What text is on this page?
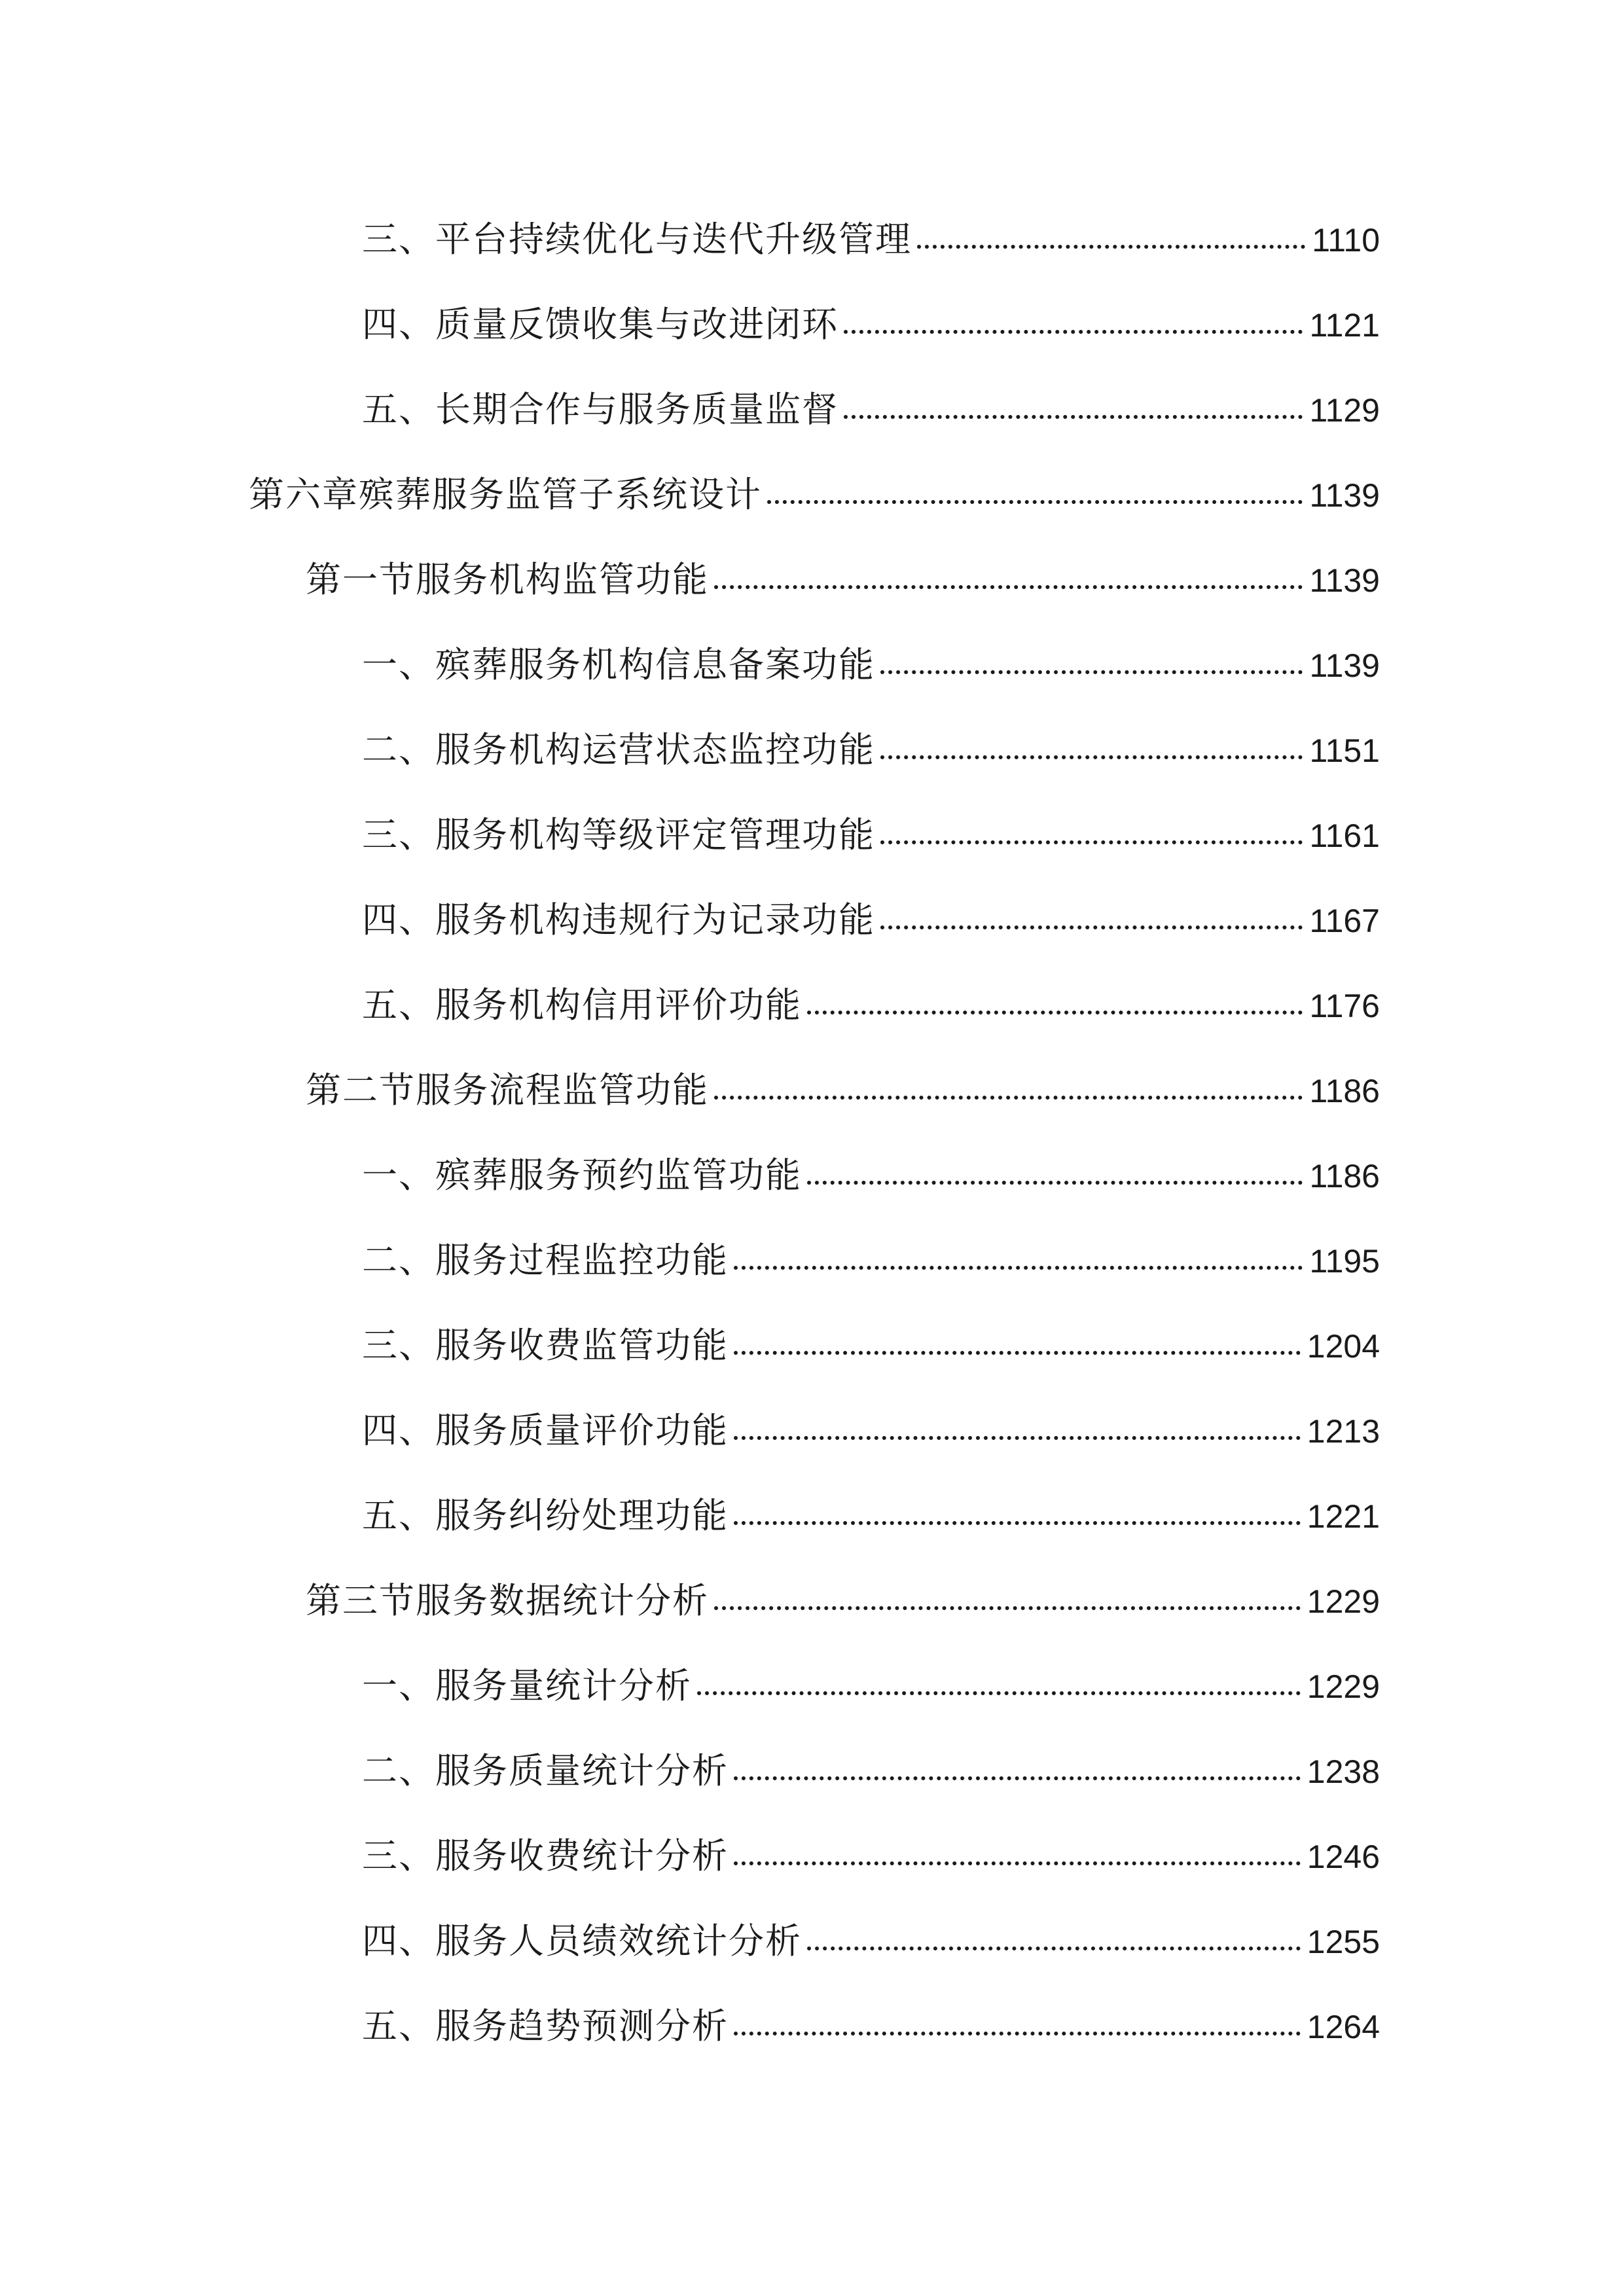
三、平台持续优化与迭代升级管理	1110
四、质量反馈收集与改进闭环	1121
五、长期合作与服务质量监督	1129
第六章殡葬服务监管子系统设计	1139
第一节服务机构监管功能	1139
一、殡葬服务机构信息备案功能	1139
二、服务机构运营状态监控功能	1151
三、服务机构等级评定管理功能	1161
四、服务机构违规行为记录功能	1167
五、服务机构信用评价功能	1176
第二节服务流程监管功能	1186
一、殡葬服务预约监管功能	1186
二、服务过程监控功能	1195
三、服务收费监管功能	1204
四、服务质量评价功能	1213
五、服务纠纷处理功能	1221
第三节服务数据统计分析	1229
一、服务量统计分析	1229
二、服务质量统计分析	1238
三、服务收费统计分析	1246
四、服务人员绩效统计分析	1255
五、服务趋势预测分析	1264
